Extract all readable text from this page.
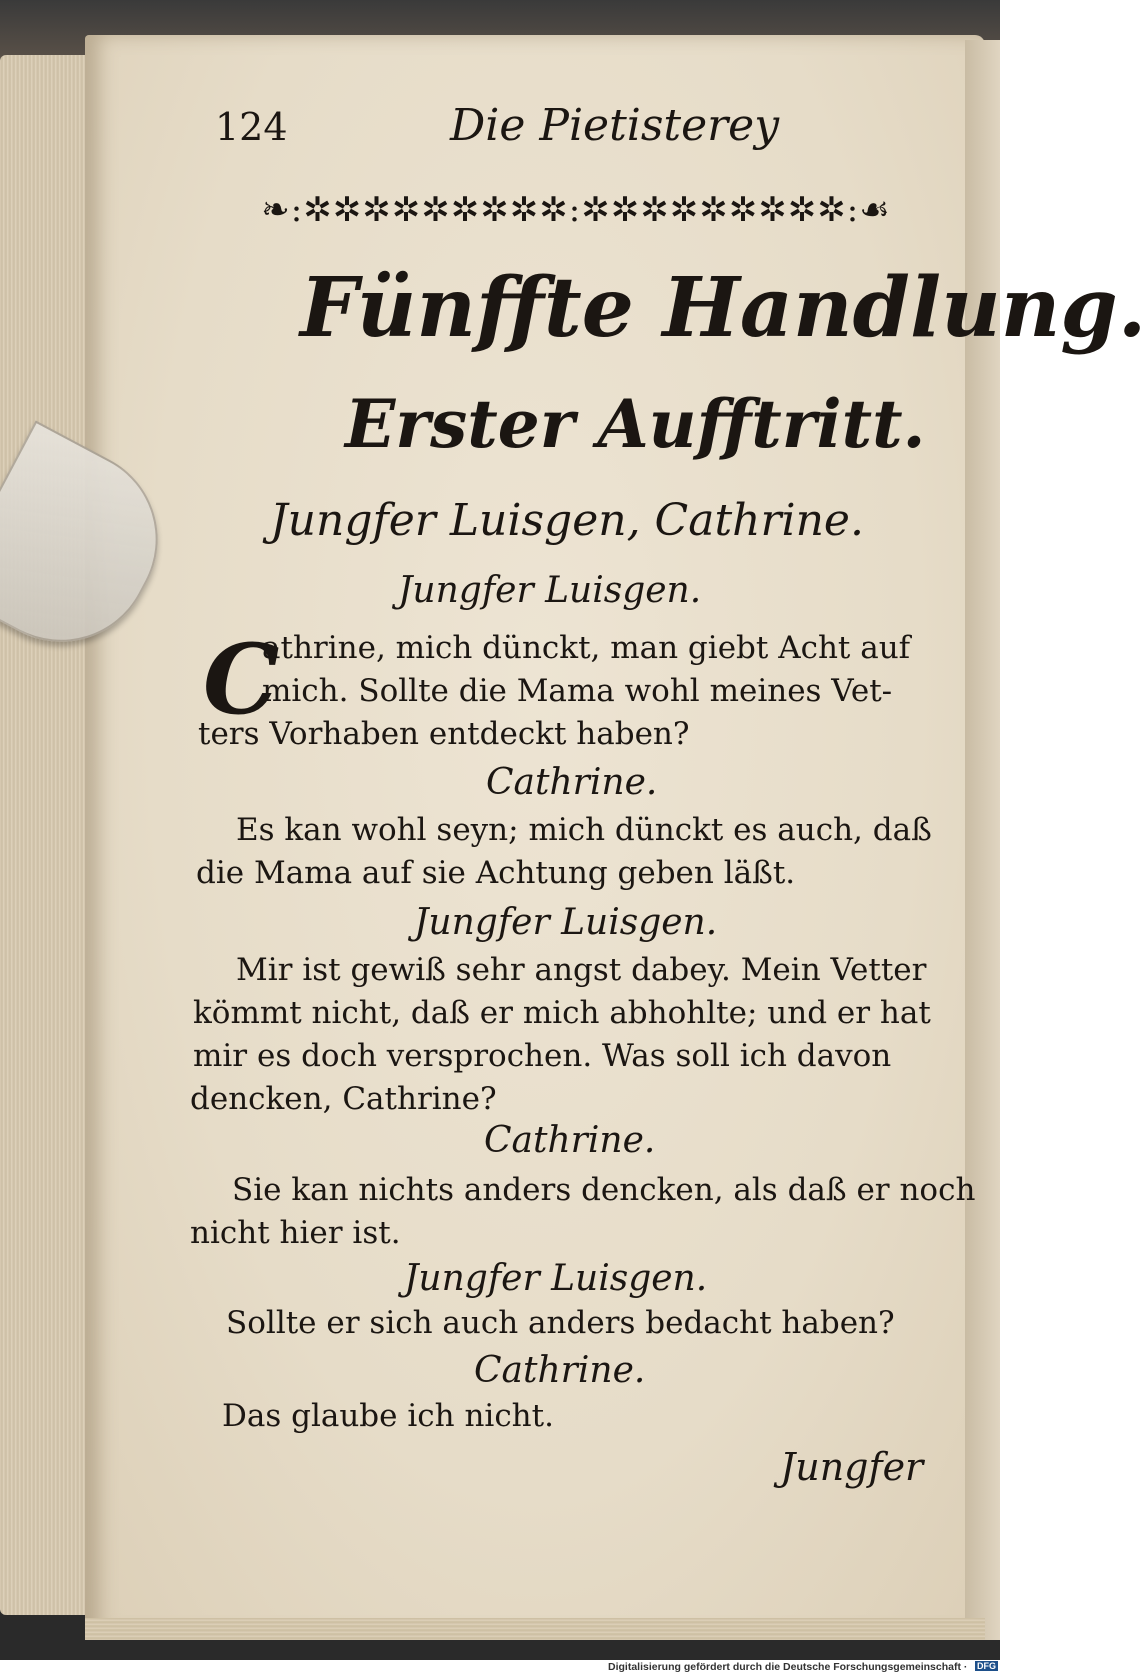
124	Die Pietisterey
❧ : ✲ ✲ ✲ ✲ ✲ ✲ ✲ ✲ ✲ : ✲ ✲ ✲ ✲ ✲ ✲ ✲ ✲ ✲ : ☙
Fünffte Handlung.
Erster Aufftritt.
Jungfer Luisgen, Cathrine.
Jungfer Luisgen.
C
athrine, mich dünckt, man giebt Acht auf
mich. Sollte die Mama wohl meines Vet-
ters Vorhaben entdeckt haben?
Cathrine.
Es kan wohl seyn; mich dünckt es auch, daß
die Mama auf sie Achtung geben läßt.
Jungfer Luisgen.
Mir ist gewiß sehr angst dabey. Mein Vetter
kömmt nicht, daß er mich abhohlte; und er hat
mir es doch versprochen. Was soll ich davon
dencken, Cathrine?
Cathrine.
Sie kan nichts anders dencken, als daß er noch
nicht hier ist.
Jungfer Luisgen.
Sollte er sich auch anders bedacht haben?
Cathrine.
Das glaube ich nicht.
Jungfer
Digitalisierung gefördert durch die Deutsche Forschungsgemeinschaft · DFG
